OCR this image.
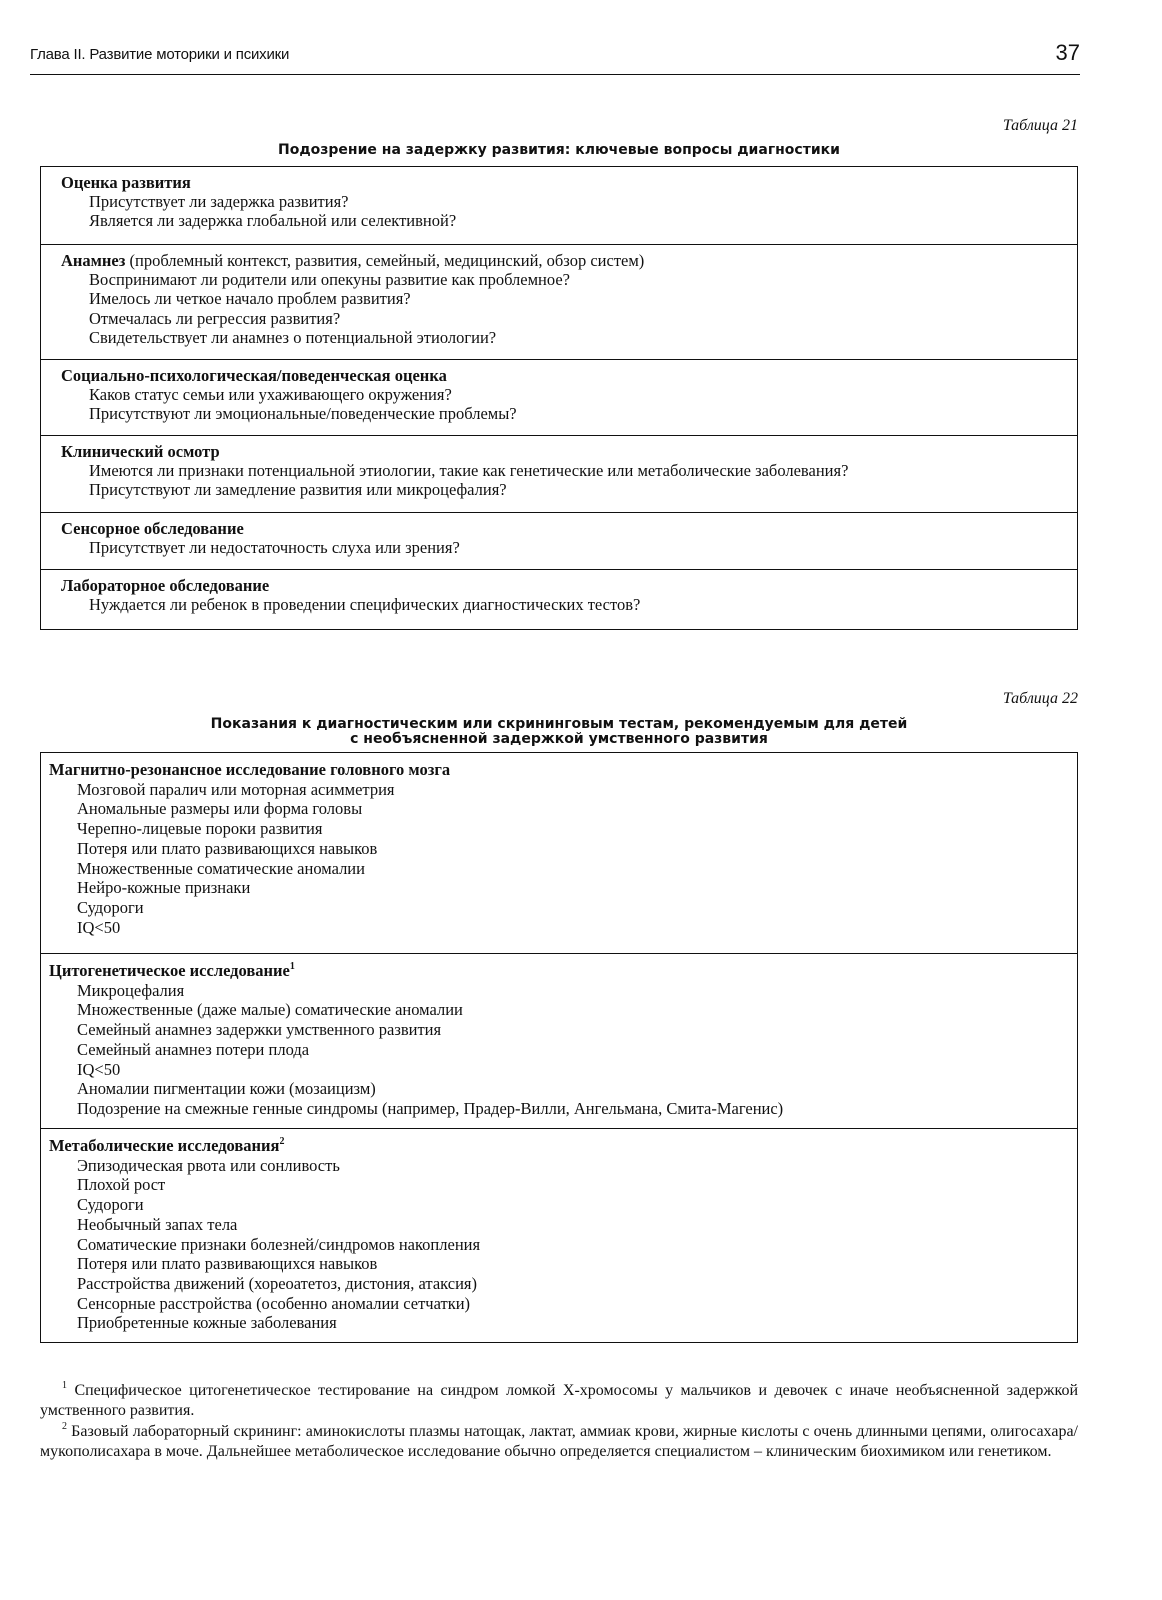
Глава II. Развитие моторики и психики	37
Таблица 21
Подозрение на задержку развития: ключевые вопросы диагностики
Оценка развития
Присутствует ли задержка развития?
Является ли задержка глобальной или селективной?
Анамнез (проблемный контекст, развития, семейный, медицинский, обзор систем)
Воспринимают ли родители или опекуны развитие как проблемное?
Имелось ли четкое начало проблем развития?
Отмечалась ли регрессия развития?
Свидетельствует ли анамнез о потенциальной этиологии?
Социально-психологическая/поведенческая оценка
Каков статус семьи или ухаживающего окружения?
Присутствуют ли эмоциональные/поведенческие проблемы?
Клинический осмотр
Имеются ли признаки потенциальной этиологии, такие как генетические или метаболические заболевания?
Присутствуют ли замедление развития или микроцефалия?
Сенсорное обследование
Присутствует ли недостаточность слуха или зрения?
Лабораторное обследование
Нуждается ли ребенок в проведении специфических диагностических тестов?
Таблица 22
Показания к диагностическим или скрининговым тестам, рекомендуемым для детей
с необъясненной задержкой умственного развития
Магнитно-резонансное исследование головного мозга
Мозговой паралич или моторная асимметрия
Аномальные размеры или форма головы
Черепно-лицевые пороки развития
Потеря или плато развивающихся навыков
Множественные соматические аномалии
Нейро-кожные признаки
Судороги
IQ<50
Цитогенетическое исследование$^1$
Микроцефалия
Множественные (даже малые) соматические аномалии
Семейный анамнез задержки умственного развития
Семейный анамнез потери плода
IQ<50
Аномалии пигментации кожи (мозаицизм)
Подозрение на смежные генные синдромы (например, Прадер-Вилли, Ангельмана, Смита-Магенис)
Метаболические исследования$^2$
Эпизодическая рвота или сонливость
Плохой рост
Судороги
Необычный запах тела
Соматические признаки болезней/синдромов накопления
Потеря или плато развивающихся навыков
Расстройства движений (хореоатетоз, дистония, атаксия)
Сенсорные расстройства (особенно аномалии сетчатки)
Приобретенные кожные заболевания

$^1$ Специфическое цитогенетическое тестирование на синдром ломкой X-хромосомы у мальчиков и девочек с иначе необъясненной задержкой умственного развития.

$^2$ Базовый лабораторный скрининг: аминокислоты плазмы натощак, лактат, аммиак крови, жирные кислоты с очень длинными цепями, олигосахара/мукополисахара в моче. Дальнейшее метаболическое исследование обычно определяется специалистом – клиническим биохимиком или генетиком.
